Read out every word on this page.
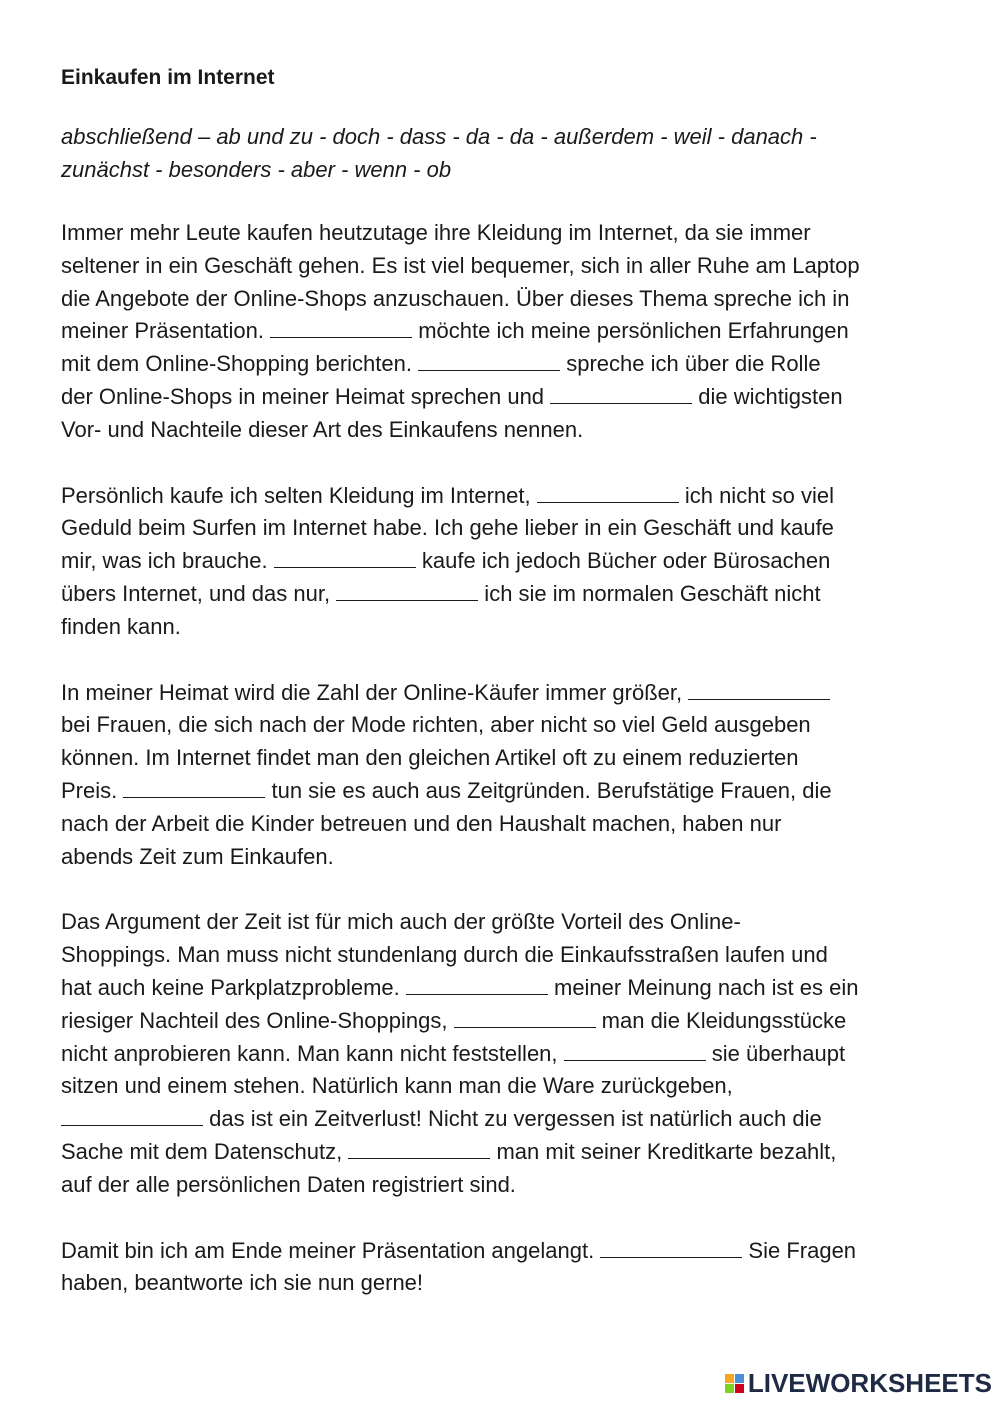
Einkaufen im Internet
abschließend – ab und zu - doch - dass - da - da - außerdem - weil - danach -
zunächst - besonders - aber - wenn - ob
Immer mehr Leute kaufen heutzutage ihre Kleidung im Internet, da sie immer
seltener in ein Geschäft gehen. Es ist viel bequemer, sich in aller Ruhe am Laptop
die Angebote der Online-Shops anzuschauen. Über dieses Thema spreche ich in
meiner Präsentation.	möchte ich meine persönlichen Erfahrungen
mit dem Online-Shopping berichten.	spreche ich über die Rolle
der Online-Shops in meiner Heimat sprechen und	die wichtigsten
Vor- und Nachteile dieser Art des Einkaufens nennen.
Persönlich kaufe ich selten Kleidung im Internet,	ich nicht so viel
Geduld beim Surfen im Internet habe. Ich gehe lieber in ein Geschäft und kaufe
mir, was ich brauche.	kaufe ich jedoch Bücher oder Bürosachen
übers Internet, und das nur,	ich sie im normalen Geschäft nicht
finden kann.
In meiner Heimat wird die Zahl der Online-Käufer immer größer,
bei Frauen, die sich nach der Mode richten, aber nicht so viel Geld ausgeben
können. Im Internet findet man den gleichen Artikel oft zu einem reduzierten
Preis.	tun sie es auch aus Zeitgründen. Berufstätige Frauen, die
nach der Arbeit die Kinder betreuen und den Haushalt machen, haben nur
abends Zeit zum Einkaufen.
Das Argument der Zeit ist für mich auch der größte Vorteil des Online-
Shoppings. Man muss nicht stundenlang durch die Einkaufsstraßen laufen und
hat auch keine Parkplatzprobleme.	meiner Meinung nach ist es ein
riesiger Nachteil des Online-Shoppings,	man die Kleidungsstücke
nicht anprobieren kann. Man kann nicht feststellen,	sie überhaupt
sitzen und einem stehen. Natürlich kann man die Ware zurückgeben,
das ist ein Zeitverlust! Nicht zu vergessen ist natürlich auch die
Sache mit dem Datenschutz,	man mit seiner Kreditkarte bezahlt,
auf der alle persönlichen Daten registriert sind.
Damit bin ich am Ende meiner Präsentation angelangt.	Sie Fragen
haben, beantworte ich sie nun gerne!
LIVEWORKSHEETS
